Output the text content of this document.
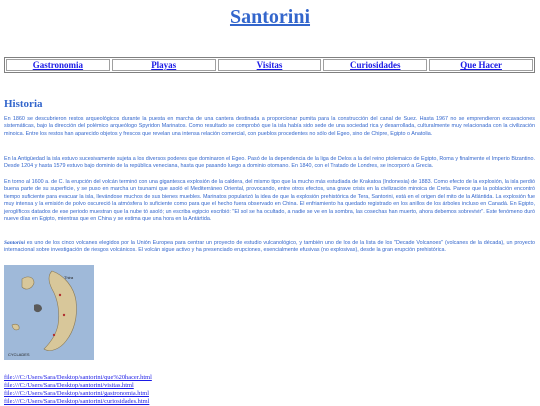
Santorini
Gastronomia	Playas	Visitas	Curiosidades	Que Hacer
Historia

En 1860 se descubrieron restos arqueológicos durante la puesta en marcha de una cantera destinada a proporcionar pumita para la construcción del canal de Suez. Hasta 1967 no se emprendieron excavaciones sistemáticas, bajo la dirección del polémico arqueólogo Spyridon Marinatos. Como resultado se comprobó que la isla había sido sede de una sociedad rica y desarrollada, culturalmente muy relacionada con la civilización minoica. Entre los restos han aparecido objetos y frescos que revelan una intensa relación comercial, con pueblos procedentes no sólo del Egeo, sino de Chipre, Egipto o Anatolia.

En la Antigüedad la isla estuvo sucesivamente sujeta a los diversos poderes que dominaron el Egeo. Pasó de la dependencia de la liga de Delos a la del reino ptolemaico de Egipto, Roma y finalmente el Imperio Bizantino. Desde 1204 y hasta 1579 estuvo bajo dominio de la república veneciana, hasta que pasando luego a dominio otomano. En 1840, con el Tratado de Londres, se incorporó a Grecia.

En torno al 1600 a. de C. la erupción del volcán terminó con una gigantesca explosión de la caldera, del mismo tipo que la mucho más estudiada de Krakatoa (Indonesia) de 1883. Como efecto de la explosión, la isla perdió buena parte de su superficie, y se puso en marcha un tsunami que asoló el Mediterráneo Oriental, provocando, entre otros efectos, una grave crisis en la civilización minoica de Creta. Parece que la población encontró tiempo suficiente para evacuar la isla, llevándose muchos de sus bienes muebles. Marinatos popularizó la idea de que la explosión prehistórica de Tera, Santorini, está en el origen del mito de la Atlántida. La explosión fue muy intensa y la emisión de polvo oscureció la atmósfera lo suficiente como para que el hecho fuera observado en China. El enfriamiento ha quedado registrado en los anillos de los árboles incluso en Canadá. En Egipto, jeroglíficos datados de ese periodo muestran que la nube tó asoló; un escriba egipcio escribió: "El sol se ha ocultado, a nadie se ve en la sombra, las cosechas han muerto, ahora debemos sobrevivir". Este fenómeno duró nueve días en Egipto, mientras que en China y se estima que una hora en la Antártida.

Santorini es uno de los cinco volcanes elegidos por la Unión Europea para centrar un proyecto de estudio vulcanológico, y también uno de los de la lista de los "Decade Volcanoes" (volcanes de la década), un proyecto internacional sobre investigación de riesgos volcánicos. El volcán sigue activo y ha presenciado erupciones, esencialmente efusivas (no explosivas), desde la gran erupción prehistórica.

Thira
CYCLADES
file:///C:/Users/Sara/Desktop/santorini/que%20hacer.html
file:///C:/Users/Sara/Desktop/santorini/visitas.html
file:///C:/Users/Sara/Desktop/santorini/gastronomia.html
file:///C:/Users/Sara/Desktop/santorini/curiosidades.html
